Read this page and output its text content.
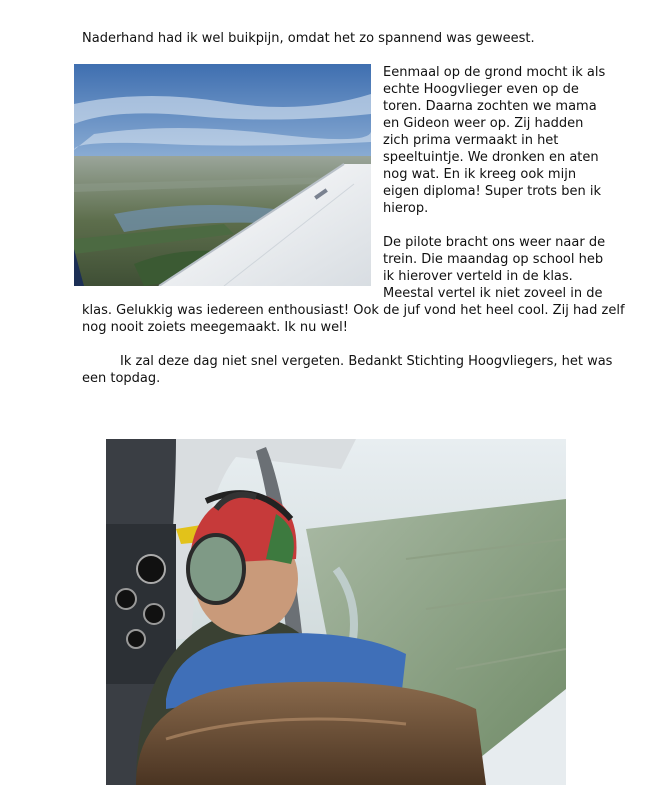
Naderhand had ik wel buikpijn, omdat het zo spannend was geweest.
Eenmaal op de grond mocht ik als
echte Hoogvlieger even op de
toren. Daarna zochten we mama
en Gideon weer op. Zij hadden
zich prima vermaakt in het
speeltuintje. We dronken en aten
nog wat. En ik kreeg ook mijn
eigen diploma! Super trots ben ik
hierop.
De pilote bracht ons weer naar de
trein. Die maandag op school heb
ik hierover verteld in de klas.
Meestal vertel ik niet zoveel in de
klas. Gelukkig was iedereen enthousiast! Ook de juf vond het heel cool. Zij had zelf
nog nooit zoiets meegemaakt. Ik nu wel!
Ik zal deze dag niet snel vergeten. Bedankt Stichting Hoogvliegers, het was
een topdag.
